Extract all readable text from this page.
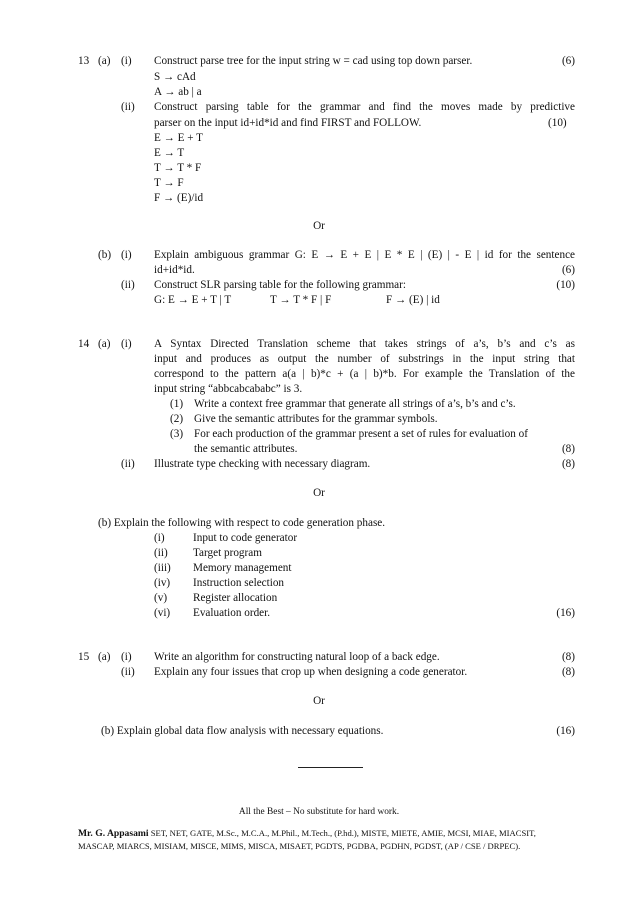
13 (a) (i) Construct parse tree for the input string w = cad using top down parser.	(6)
S → cAd
A → ab | a
(ii) Construct parsing table for the grammar and find the moves made by predictive
parser on the input id+id*id and find FIRST and FOLLOW.	(10)
E → E + T
E → T
T → T * F
T → F
F → (E)/id
Or
(b) (i) Explain ambiguous grammar G: E → E + E | E * E | (E) | - E | id for the sentence
id+id*id.	(6)
(ii) Construct SLR parsing table for the following grammar:	(10)
G: E → E + T | T	T → T * F | F	F → (E) | id
14 (a) (i) A Syntax Directed Translation scheme that takes strings of a’s, b’s and c’s as
input and produces as output the number of substrings in the input string that
correspond to the pattern a(a | b)*c + (a | b)*b. For example the Translation of the
input string “abbcabcababc” is 3.
(1) Write a context free grammar that generate all strings of a’s, b’s and c’s.
(2) Give the semantic attributes for the grammar symbols.
(3) For each production of the grammar present a set of rules for evaluation of
the semantic attributes.	(8)
(ii) Illustrate type checking with necessary diagram.	(8)
Or
(b) Explain the following with respect to code generation phase.
(i)	Input to code generator
(ii) Target program
(iii) Memory management
(iv) Instruction selection
(v) Register allocation
(vi) Evaluation order.	(16)
15 (a) (i) Write an algorithm for constructing natural loop of a back edge.	(8)
(ii) Explain any four issues that crop up when designing a code generator.	(8)
Or
(b) Explain global data flow analysis with necessary equations.	(16)
All the Best – No substitute for hard work.
Mr. G. Appasami SET, NET, GATE, M.Sc., M.C.A., M.Phil., M.Tech., (P.hd.), MISTE, MIETE, AMIE, MCSI, MIAE, MIACSIT,
MASCAP, MIARCS, MISIAM, MISCE, MIMS, MISCA, MISAET, PGDTS, PGDBA, PGDHN, PGDST, (AP / CSE / DRPEC).
